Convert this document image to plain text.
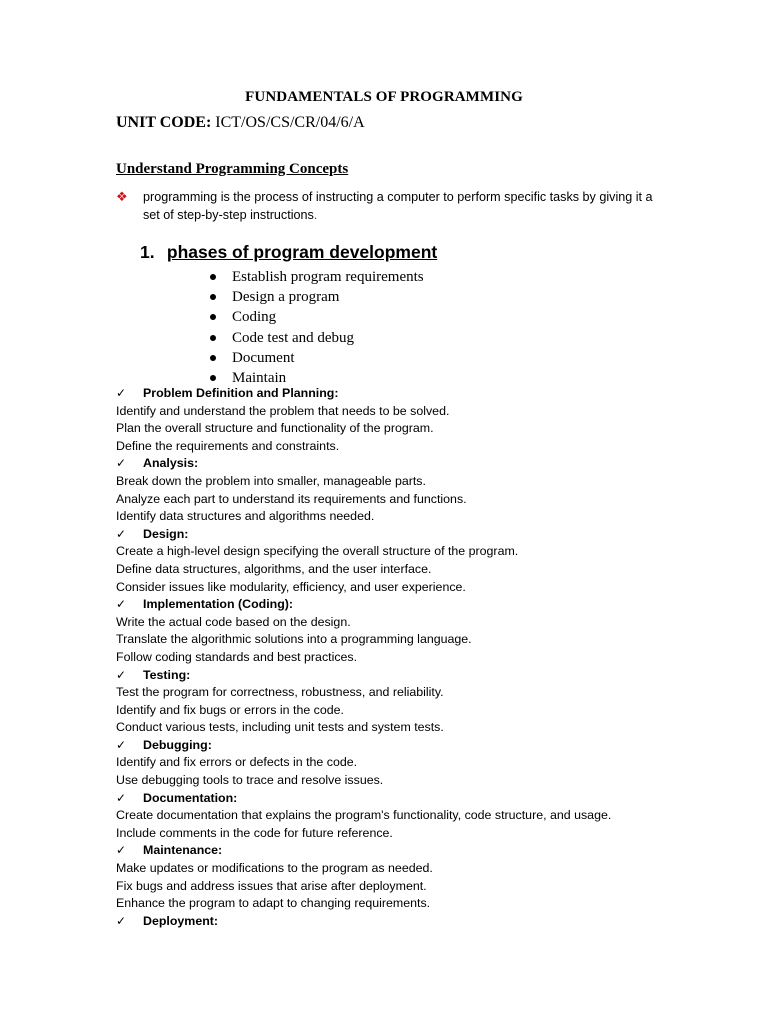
FUNDAMENTALS OF PROGRAMMING
UNIT CODE: ICT/OS/CS/CR/04/6/A
Understand Programming Concepts
❖ programming is the process of instructing a computer to perform specific tasks by giving it a set of step-by-step instructions.
1. phases of program development
Establish program requirements
Design a program
Coding
Code test and debug
Document
Maintain
✓ Problem Definition and Planning:
Identify and understand the problem that needs to be solved.
Plan the overall structure and functionality of the program.
Define the requirements and constraints.
✓ Analysis:
Break down the problem into smaller, manageable parts.
Analyze each part to understand its requirements and functions.
Identify data structures and algorithms needed.
✓ Design:
Create a high-level design specifying the overall structure of the program.
Define data structures, algorithms, and the user interface.
Consider issues like modularity, efficiency, and user experience.
✓ Implementation (Coding):
Write the actual code based on the design.
Translate the algorithmic solutions into a programming language.
Follow coding standards and best practices.
✓ Testing:
Test the program for correctness, robustness, and reliability.
Identify and fix bugs or errors in the code.
Conduct various tests, including unit tests and system tests.
✓ Debugging:
Identify and fix errors or defects in the code.
Use debugging tools to trace and resolve issues.
✓ Documentation:
Create documentation that explains the program's functionality, code structure, and usage.
Include comments in the code for future reference.
✓ Maintenance:
Make updates or modifications to the program as needed.
Fix bugs and address issues that arise after deployment.
Enhance the program to adapt to changing requirements.
✓ Deployment:
